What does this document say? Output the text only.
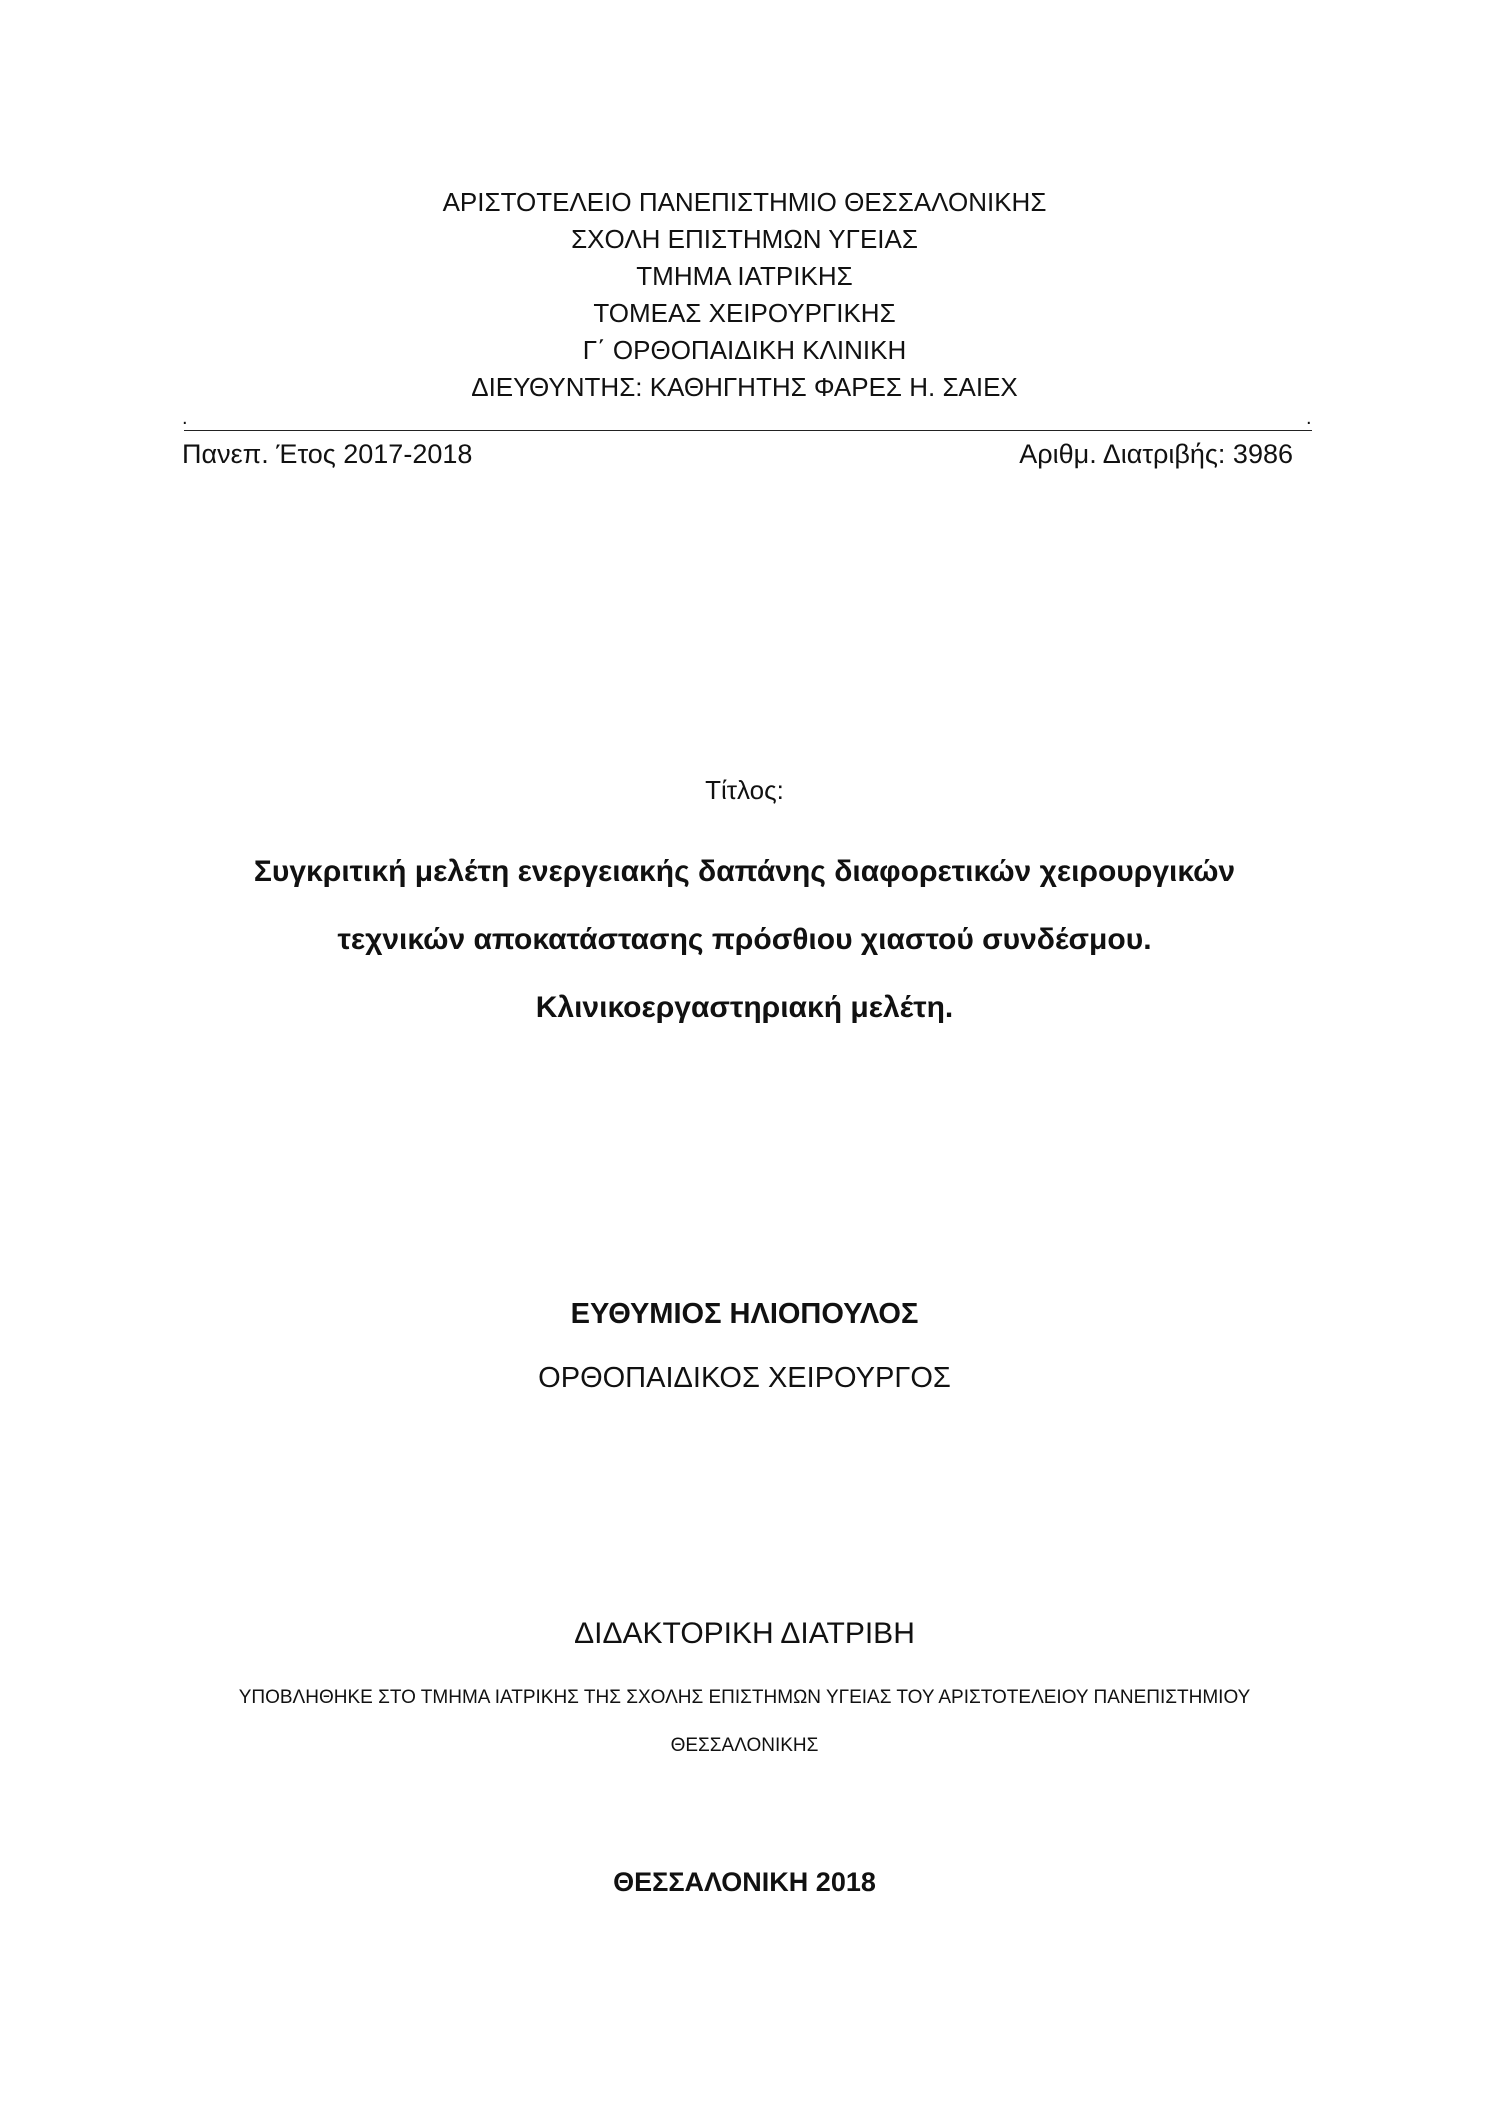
ΑΡΙΣΤΟΤΕΛΕΙΟ ΠΑΝΕΠΙΣΤΗΜΙΟ ΘΕΣΣΑΛΟΝΙΚΗΣ
ΣΧΟΛΗ ΕΠΙΣΤΗΜΩΝ ΥΓΕΙΑΣ
ΤΜΗΜΑ ΙΑΤΡΙΚΗΣ
ΤΟΜΕΑΣ ΧΕΙΡΟΥΡΓΙΚΗΣ
Γ΄ ΟΡΘΟΠΑΙΔΙΚΗ ΚΛΙΝΙΚΗ
ΔΙΕΥΘΥΝΤΗΣ: ΚΑΘΗΓΗΤΗΣ ΦΑΡΕΣ Η. ΣΑΙΕΧ
.	.
Πανεπ. Έτος 2017-2018	Αριθμ. Διατριβής: 3986
Τίτλος:
Συγκριτική μελέτη ενεργειακής δαπάνης διαφορετικών χειρουργικών
τεχνικών αποκατάστασης πρόσθιου χιαστού συνδέσμου.
Κλινικοεργαστηριακή μελέτη.
ΕΥΘΥΜΙΟΣ ΗΛΙΟΠΟΥΛΟΣ
ΟΡΘΟΠΑΙΔΙΚΟΣ ΧΕΙΡΟΥΡΓΟΣ
ΔΙΔΑΚΤΟΡΙΚΗ ΔΙΑΤΡΙΒΗ
ΥΠΟΒΛΗΘΗΚΕ ΣΤΟ ΤΜΗΜΑ ΙΑΤΡΙΚΗΣ ΤΗΣ ΣΧΟΛΗΣ ΕΠΙΣΤΗΜΩΝ ΥΓΕΙΑΣ ΤΟΥ ΑΡΙΣΤΟΤΕΛΕΙΟΥ ΠΑΝΕΠΙΣΤΗΜΙΟΥ
ΘΕΣΣΑΛΟΝΙΚΗΣ
ΘΕΣΣΑΛΟΝΙΚΗ 2018
